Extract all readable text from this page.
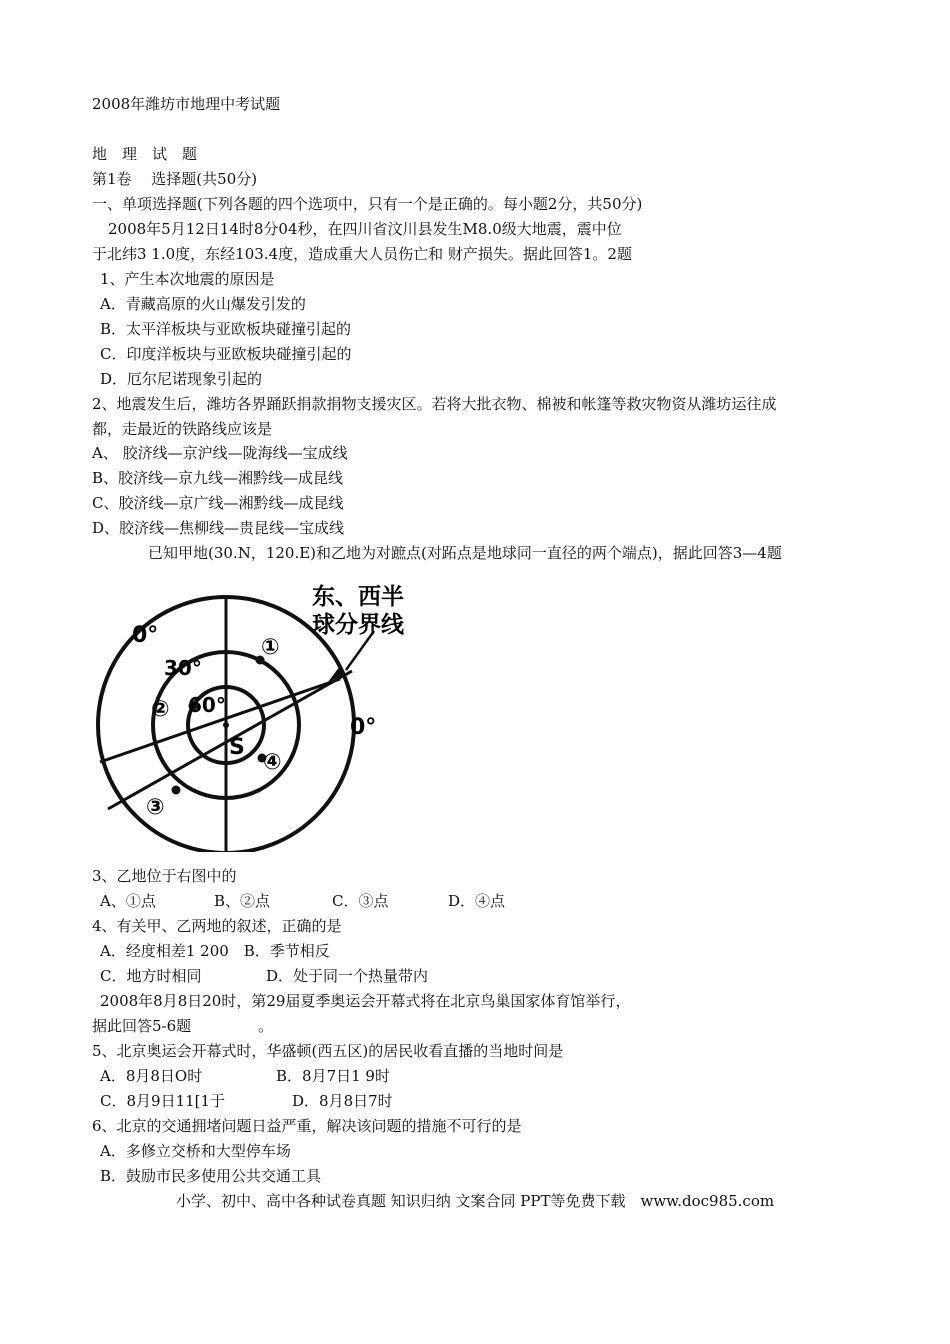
2008年潍坊市地理中考试题
地　理　试　题
第1卷　 选择题(共50分)
一、单项选择题(下列各题的四个选项中，只有一个是正确的。每小题2分，共50分)
2008年5月12日14时8分04秒，在四川省汶川县发生M8.0级大地震，震中位
于北纬3 1.0度，东经103.4度，造成重大人员伤亡和 财产损失。据此回答1。2题
1、产生本次地震的原因是
A．青藏高原的火山爆发引发的
B．太平洋板块与亚欧板块碰撞引起的
C．印度洋板块与亚欧板块碰撞引起的
D．厄尔尼诺现象引起的
2、地震发生后，潍坊各界踊跃捐款捐物支援灾区。若将大批衣物、棉被和帐篷等救灾物资从潍坊运往成
都，走最近的铁路线应该是
A、 胶济线—京沪线—陇海线—宝成线
B、胶济线—京九线—湘黔线—成昆线
C、胶济线—京广线—湘黔线—成昆线
D、胶济线—焦柳线—贵昆线—宝成线
已知甲地(30.N，120.E)和乙地为对蹠点(对跖点是地球同一直径的两个端点)，据此回答3—4题
东、西半
球分界线
0°
30°
60°
0°
S
①
②
③
④
3、乙地位于右图中的
A、①点	B、②点	C．③点	D．④点
4、有关甲、乙两地的叙述，正确的是
A．经度相差1 200　B．季节相反
C．地方时相同	D．处于同一个热量带内
2008年8月8日20时，第29届夏季奥运会开幕式将在北京鸟巢国家体育馆举行，
据此回答5-6题	。
5、北京奥运会开幕式时，华盛顿(西五区)的居民收看直播的当地时间是
A．8月8日O时	B．8月7日1 9时
C．8月9日11[1于	D．8月8日7时
6、北京的交通拥堵问题日益严重，解决该问题的措施不可行的是
A．多修立交桥和大型停车场
B．鼓励市民多使用公共交通工具
小学、初中、高中各种试卷真题 知识归纳 文案合同 PPT等免费下载　www.doc985.com
